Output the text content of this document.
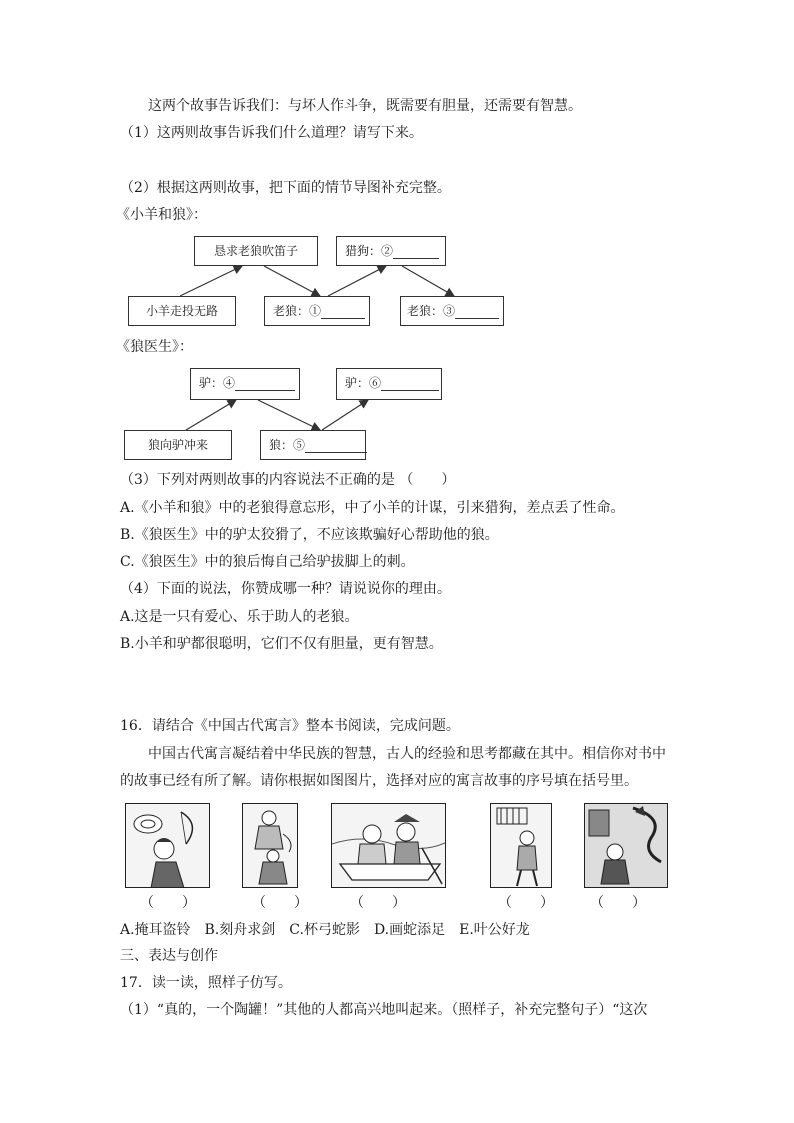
这两个故事告诉我们：与坏人作斗争，既需要有胆量，还需要有智慧。
（1）这两则故事告诉我们什么道理？请写下来。
（2）根据这两则故事，把下面的情节导图补充完整。
《小羊和狼》：
恳求老狼吹笛子	猎狗：②
小羊走投无路	老狼：①	老狼：③
《狼医生》：
驴：④	驴：⑥
狼向驴冲来	狼：⑤
（3）下列对两则故事的内容说法不正确的是 （　　）
A.《小羊和狼》中的老狼得意忘形，中了小羊的计谋，引来猎狗，差点丢了性命。
B.《狼医生》中的驴太狡猾了，不应该欺骗好心帮助他的狼。
C.《狼医生》中的狼后悔自己给驴拔脚上的刺。
（4）下面的说法，你赞成哪一种？请说说你的理由。
A.这是一只有爱心、乐于助人的老狼。
B.小羊和驴都很聪明，它们不仅有胆量，更有智慧。
16．请结合《中国古代寓言》整本书阅读，完成问题。
中国古代寓言凝结着中华民族的智慧，古人的经验和思考都藏在其中。相信你对书中
的故事已经有所了解。请你根据如图图片，选择对应的寓言故事的序号填在括号里。
（　　）	（　　）	（　　）	（　　）	（　　）
A.掩耳盗铃　B.刻舟求剑　C.杯弓蛇影　D.画蛇添足　E.叶公好龙
三、表达与创作
17．读一读，照样子仿写。
（1）“真的，一个陶罐！”其他的人都高兴地叫起来。（照样子，补充完整句子）“这次
